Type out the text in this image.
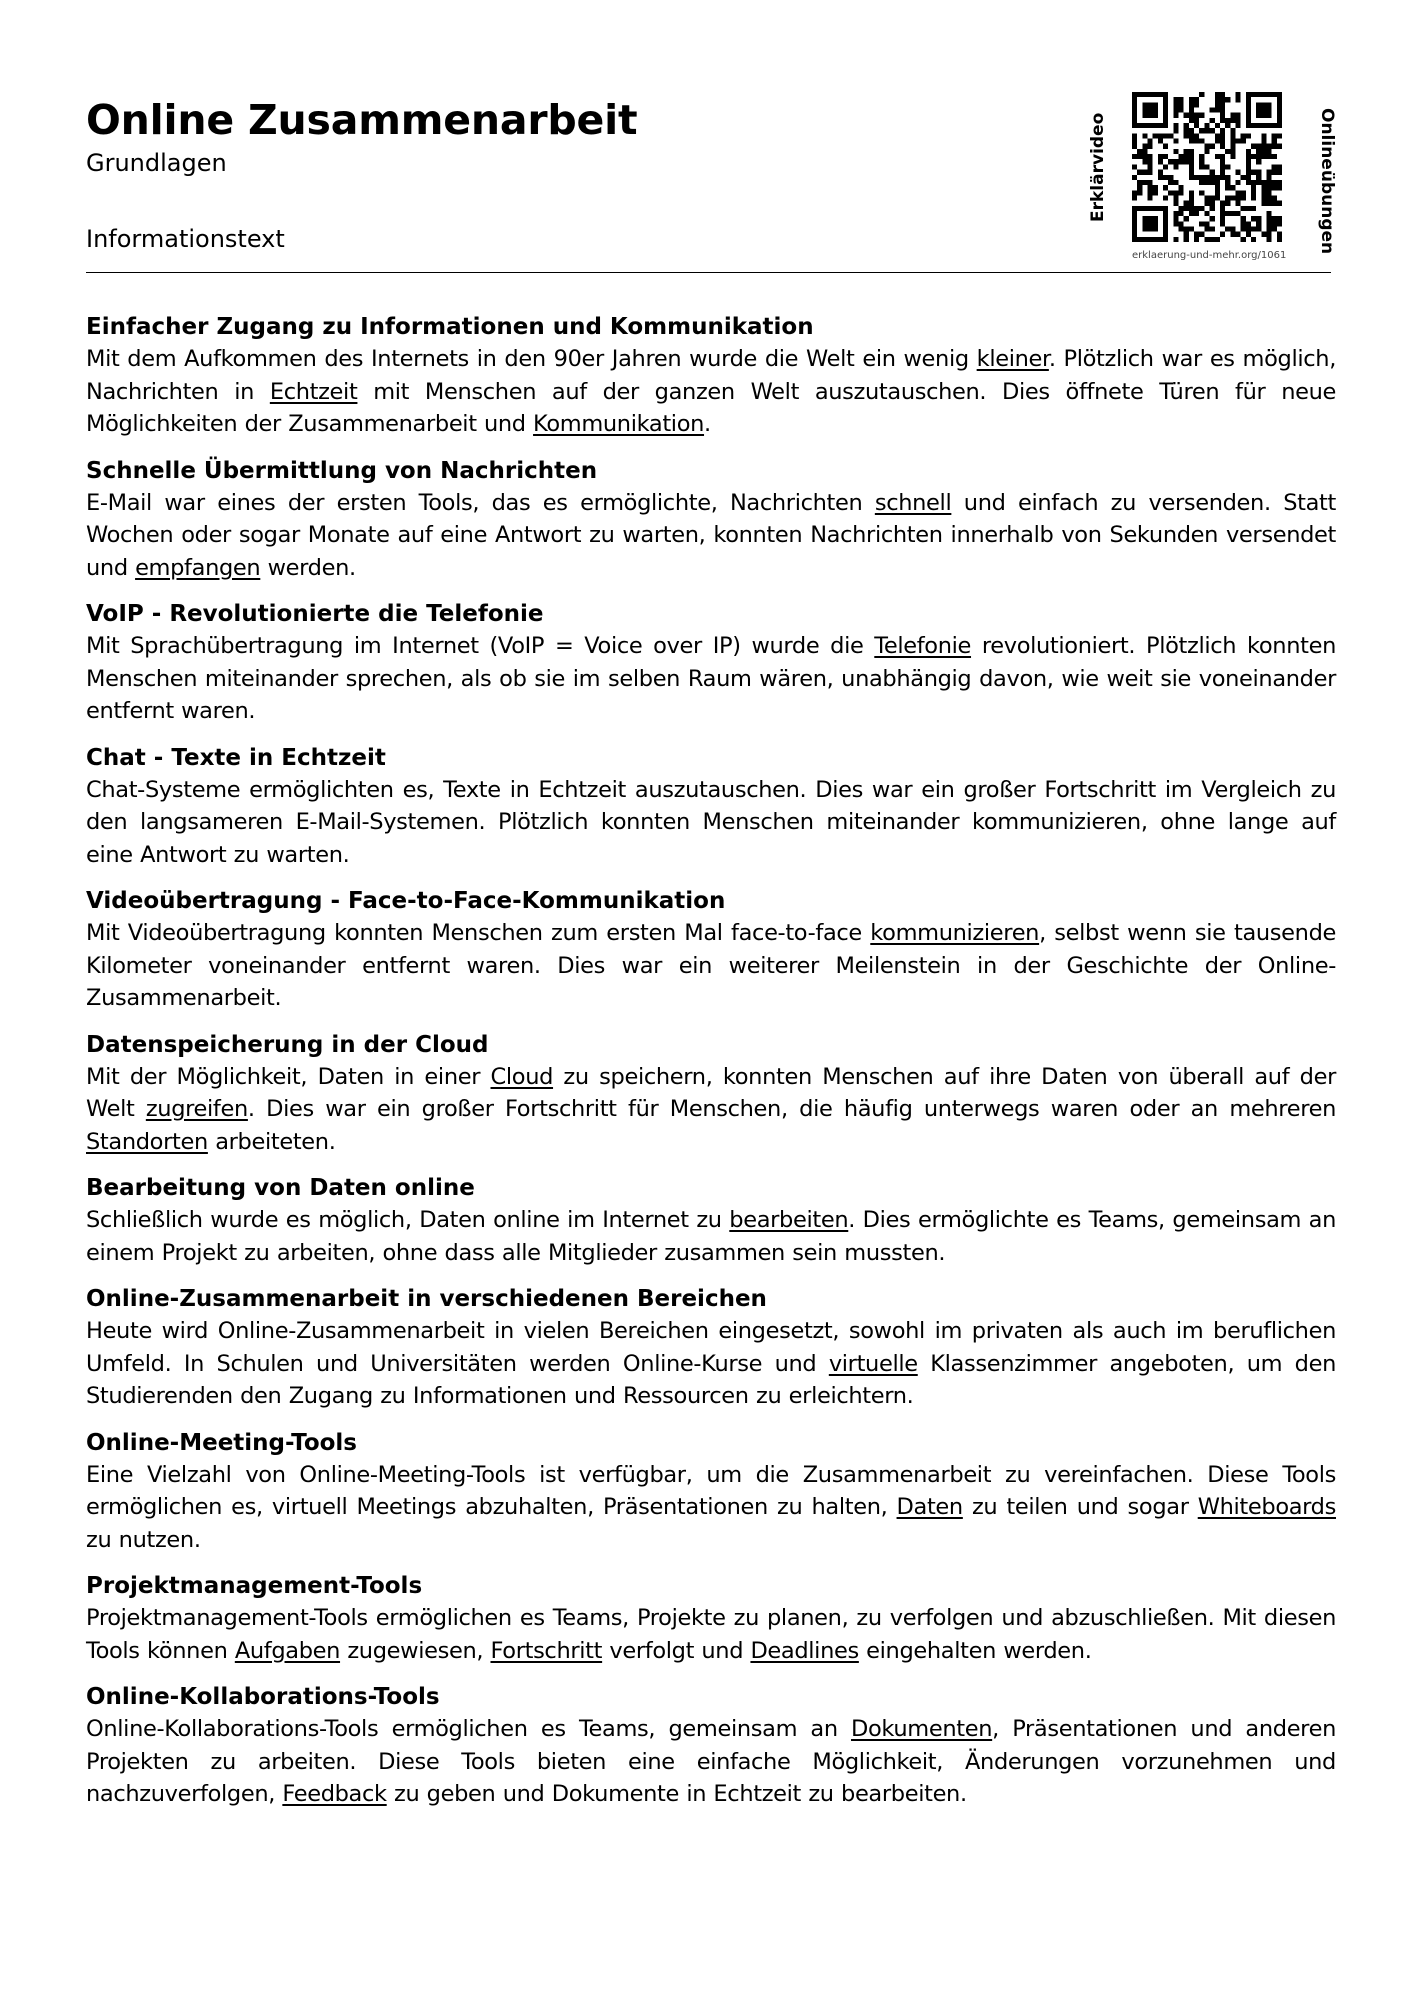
Online Zusammenarbeit
Grundlagen
Informationstext
Erklärvideo	Onlineübungen
erklaerung-und-mehr.org/1061
Einfacher Zugang zu Informationen und Kommunikation
Mit dem Aufkommen des Internets in den 90er Jahren wurde die Welt ein wenig kleiner. Plötzlich war es möglich, Nachrichten in Echtzeit mit Menschen auf der ganzen Welt auszutauschen. Dies öffnete Türen für neue Möglichkeiten der Zusammenarbeit und Kommunikation.
Schnelle Übermittlung von Nachrichten
E-Mail war eines der ersten Tools, das es ermöglichte, Nachrichten schnell und einfach zu versenden. Statt Wochen oder sogar Monate auf eine Antwort zu warten, konnten Nachrichten innerhalb von Sekunden versendet und empfangen werden.
VoIP - Revolutionierte die Telefonie
Mit Sprachübertragung im Internet (VoIP = Voice over IP) wurde die Telefonie revolutioniert. Plötzlich konnten Menschen miteinander sprechen, als ob sie im selben Raum wären, unabhängig davon, wie weit sie voneinander entfernt waren.
Chat - Texte in Echtzeit
Chat-Systeme ermöglichten es, Texte in Echtzeit auszutauschen. Dies war ein großer Fortschritt im Vergleich zu den langsameren E-Mail-Systemen. Plötzlich konnten Menschen miteinander kommunizieren, ohne lange auf eine Antwort zu warten.
Videoübertragung - Face-to-Face-Kommunikation
Mit Videoübertragung konnten Menschen zum ersten Mal face-to-face kommunizieren, selbst wenn sie tausende Kilometer voneinander entfernt waren. Dies war ein weiterer Meilenstein in der Geschichte der Online-Zusammenarbeit.
Datenspeicherung in der Cloud
Mit der Möglichkeit, Daten in einer Cloud zu speichern, konnten Menschen auf ihre Daten von überall auf der Welt zugreifen. Dies war ein großer Fortschritt für Menschen, die häufig unterwegs waren oder an mehreren Standorten arbeiteten.
Bearbeitung von Daten online
Schließlich wurde es möglich, Daten online im Internet zu bearbeiten. Dies ermöglichte es Teams, gemeinsam an einem Projekt zu arbeiten, ohne dass alle Mitglieder zusammen sein mussten.
Online-Zusammenarbeit in verschiedenen Bereichen
Heute wird Online-Zusammenarbeit in vielen Bereichen eingesetzt, sowohl im privaten als auch im beruflichen Umfeld. In Schulen und Universitäten werden Online-Kurse und virtuelle Klassenzimmer angeboten, um den Studierenden den Zugang zu Informationen und Ressourcen zu erleichtern.
Online-Meeting-Tools
Eine Vielzahl von Online-Meeting-Tools ist verfügbar, um die Zusammenarbeit zu vereinfachen. Diese Tools ermöglichen es, virtuell Meetings abzuhalten, Präsentationen zu halten, Daten zu teilen und sogar Whiteboards zu nutzen.
Projektmanagement-Tools
Projektmanagement-Tools ermöglichen es Teams, Projekte zu planen, zu verfolgen und abzuschließen. Mit diesen Tools können Aufgaben zugewiesen, Fortschritt verfolgt und Deadlines eingehalten werden.
Online-Kollaborations-Tools
Online-Kollaborations-Tools ermöglichen es Teams, gemeinsam an Dokumenten, Präsentationen und anderen Projekten zu arbeiten. Diese Tools bieten eine einfache Möglichkeit, Änderungen vorzunehmen und nachzuverfolgen, Feedback zu geben und Dokumente in Echtzeit zu bearbeiten.
